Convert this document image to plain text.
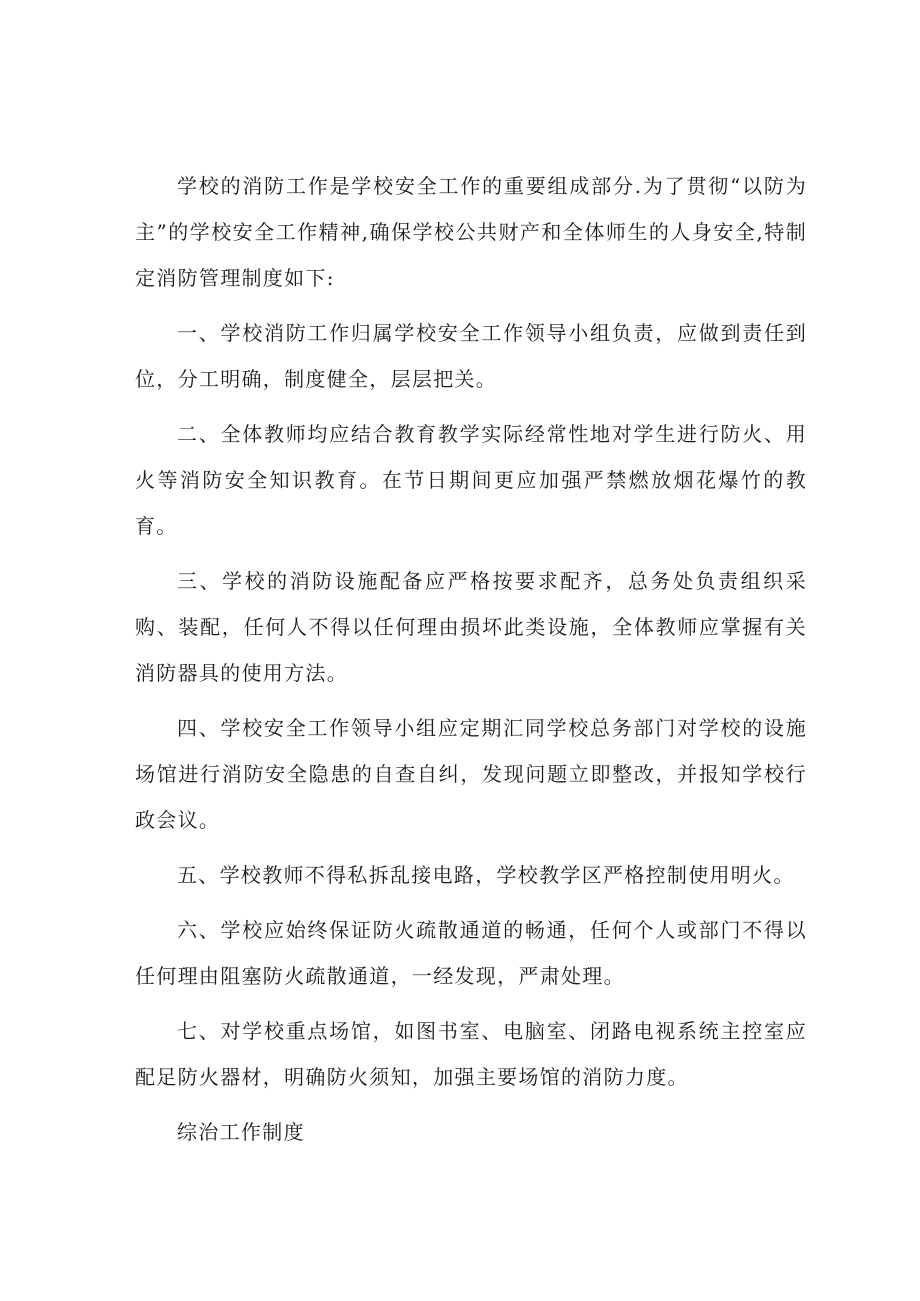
学校的消防工作是学校安全工作的重要组成部分.为了贯彻“以防为主”的学校安全工作精神,确保学校公共财产和全体师生的人身安全,特制定消防管理制度如下:

一、学校消防工作归属学校安全工作领导小组负责，应做到责任到位，分工明确，制度健全，层层把关。

二、全体教师均应结合教育教学实际经常性地对学生进行防火、用火等消防安全知识教育。在节日期间更应加强严禁燃放烟花爆竹的教育。

三、学校的消防设施配备应严格按要求配齐，总务处负责组织采购、装配，任何人不得以任何理由损坏此类设施，全体教师应掌握有关消防器具的使用方法。

四、学校安全工作领导小组应定期汇同学校总务部门对学校的设施场馆进行消防安全隐患的自查自纠，发现问题立即整改，并报知学校行政会议。

五、学校教师不得私拆乱接电路，学校教学区严格控制使用明火。

六、学校应始终保证防火疏散通道的畅通，任何个人或部门不得以任何理由阻塞防火疏散通道，一经发现，严肃处理。

七、对学校重点场馆，如图书室、电脑室、闭路电视系统主控室应配足防火器材，明确防火须知，加强主要场馆的消防力度。

综治工作制度
